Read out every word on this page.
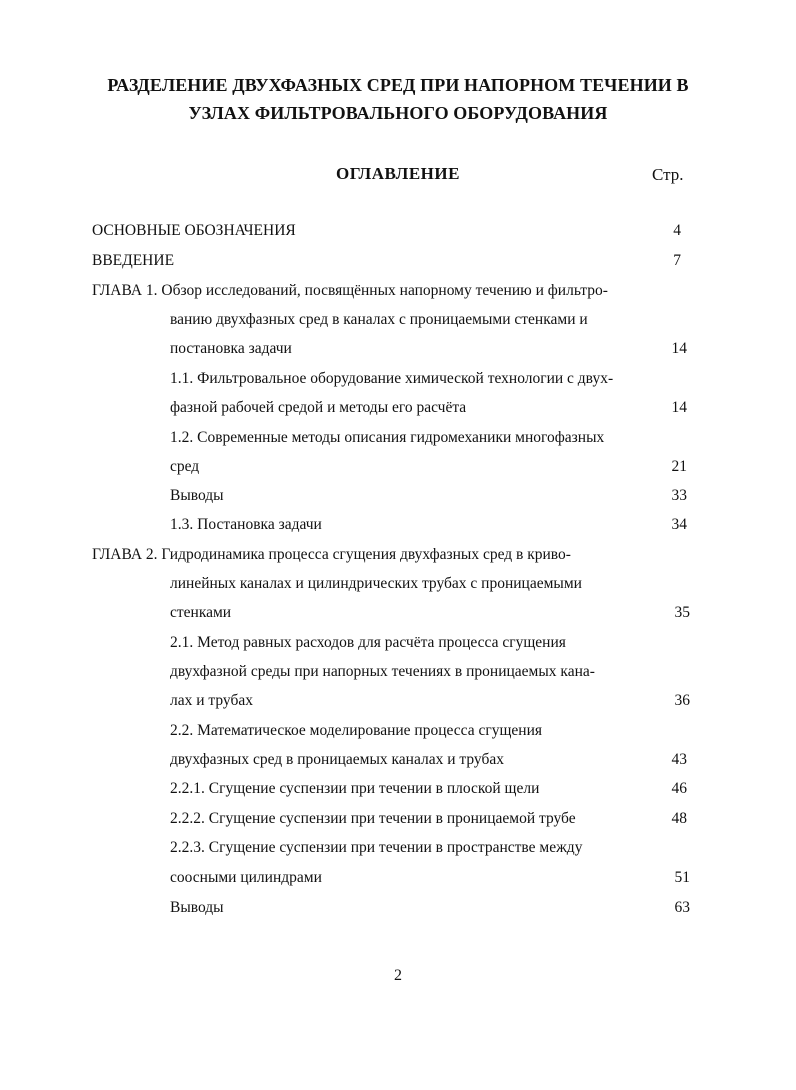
РАЗДЕЛЕНИЕ ДВУХФАЗНЫХ СРЕД ПРИ НАПОРНОМ ТЕЧЕНИИ В
УЗЛАХ ФИЛЬТРОВАЛЬНОГО ОБОРУДОВАНИЯ
ОГЛАВЛЕНИЕ	Стр.
ОСНОВНЫЕ ОБОЗНАЧЕНИЯ	4
ВВЕДЕНИЕ	7
ГЛАВА 1. Обзор исследований, посвящённых напорному течению и фильтро-
ванию двухфазных сред в каналах с проницаемыми стенками и
постановка задачи	14
1.1. Фильтровальное оборудование химической технологии с двух-
фазной рабочей средой и методы его расчёта	14
1.2. Современные методы описания гидромеханики многофазных
сред	21
Выводы	33
1.3. Постановка задачи	34
ГЛАВА 2. Гидродинамика процесса сгущения двухфазных сред в криво-
линейных каналах и цилиндрических трубах с проницаемыми
стенками	35
2.1. Метод равных расходов для расчёта процесса сгущения
двухфазной среды при напорных течениях в проницаемых кана-
лах и трубах	36
2.2. Математическое моделирование процесса сгущения
двухфазных сред в проницаемых каналах и трубах	43
2.2.1. Сгущение суспензии при течении в плоской щели	46
2.2.2. Сгущение суспензии при течении в проницаемой трубе	48
2.2.3. Сгущение суспензии при течении в пространстве между
соосными цилиндрами	51
Выводы	63
2
